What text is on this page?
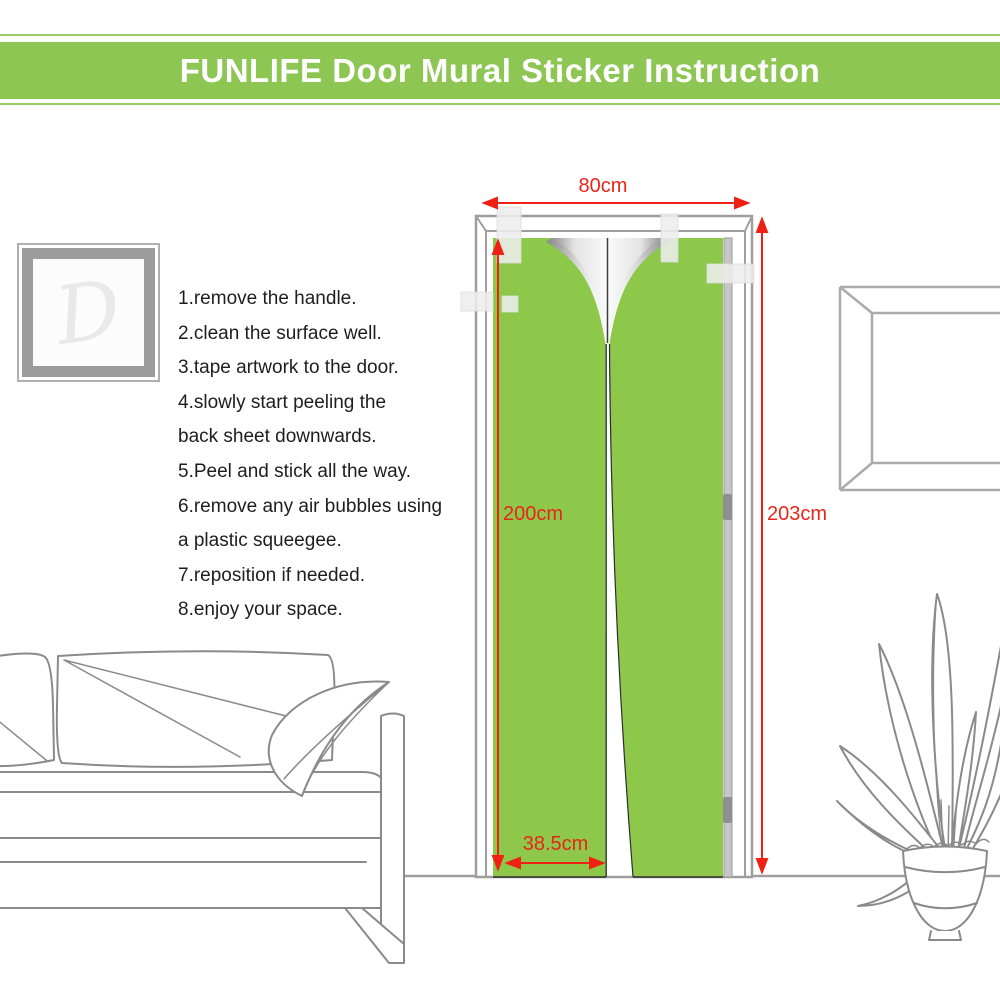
FUNLIFE Door Mural Sticker Instruction
D	1.remove the handle.
2.clean the surface well.
3.tape artwork to the door.
4.slowly start peeling the
back sheet downwards.
5.Peel and stick all the way.
6.remove any air bubbles using
a plastic squeegee.
7.reposition if needed.
8.enjoy your space.
80cm
200cm	203cm
38.5cm
